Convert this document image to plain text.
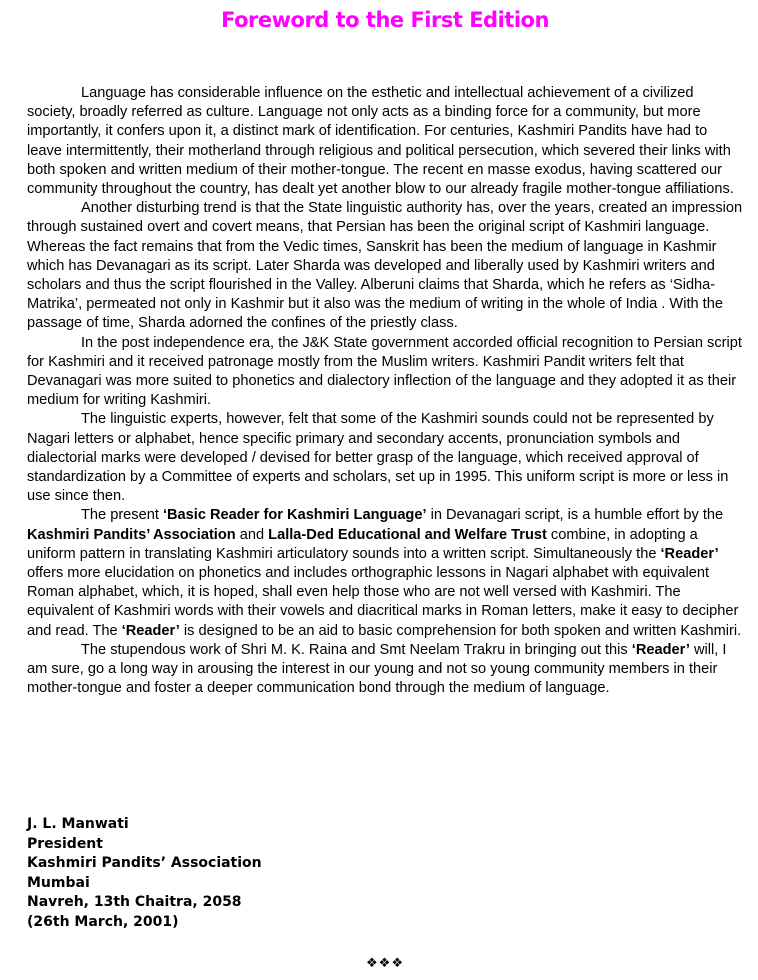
Foreword to the First Edition

Language has considerable influence on the esthetic and intellectual achievement of a civilized society, broadly referred as culture. Language not only acts as a binding force for a community, but more importantly, it confers upon it, a distinct mark of identification. For centuries, Kashmiri Pandits have had to leave intermittently, their motherland through religious and political persecution, which severed their links with both spoken and written medium of their mother-tongue. The recent en masse exodus, having scattered our community throughout the country, has dealt yet another blow to our already fragile mother-tongue affiliations.

Another disturbing trend is that the State linguistic authority has, over the years, created an impression through sustained overt and covert means, that Persian has been the original script of Kashmiri language. Whereas the fact remains that from the Vedic times, Sanskrit has been the medium of language in Kashmir which has Devanagari as its script. Later Sharda was developed and liberally used by Kashmiri writers and scholars and thus the script flourished in the Valley. Alberuni claims that Sharda, which he refers as ‘Sidha-Matrika’, permeated not only in Kashmir but it also was the medium of writing in the whole of India . With the passage of time, Sharda adorned the confines of the priestly class.

In the post independence era, the J&K State government accorded official recognition to Persian script for Kashmiri and it received patronage mostly from the Muslim writers. Kashmiri Pandit writers felt that Devanagari was more suited to phonetics and dialectory inflection of the language and they adopted it as their medium for writing Kashmiri.

The linguistic experts, however, felt that some of the Kashmiri sounds could not be represented by Nagari letters or alphabet, hence specific primary and secondary accents, pronunciation symbols and dialectorial marks were developed / devised for better grasp of the language, which received approval of standardization by a Committee of experts and scholars, set up in 1995. This uniform script is more or less in use since then.

The present ‘Basic Reader for Kashmiri Language’ in Devanagari script, is a humble effort by the Kashmiri Pandits’ Association and Lalla-Ded Educational and Welfare Trust combine, in adopting a uniform pattern in translating Kashmiri articulatory sounds into a written script. Simultaneously the ‘Reader’ offers more elucidation on phonetics and includes orthographic lessons in Nagari alphabet with equivalent Roman alphabet, which, it is hoped, shall even help those who are not well versed with Kashmiri. The equivalent of Kashmiri words with their vowels and diacritical marks in Roman letters, make it easy to decipher and read. The ‘Reader’ is designed to be an aid to basic comprehension for both spoken and written Kashmiri.

The stupendous work of Shri M. K. Raina and Smt Neelam Trakru in bringing out this ‘Reader’ will, I am sure, go a long way in arousing the interest in our young and not so young community members in their mother-tongue and foster a deeper communication bond through the medium of language.

J. L. Manwati
President
Kashmiri Pandits’ Association
Mumbai
Navreh, 13th Chaitra, 2058
(26th March, 2001)
❖❖❖
